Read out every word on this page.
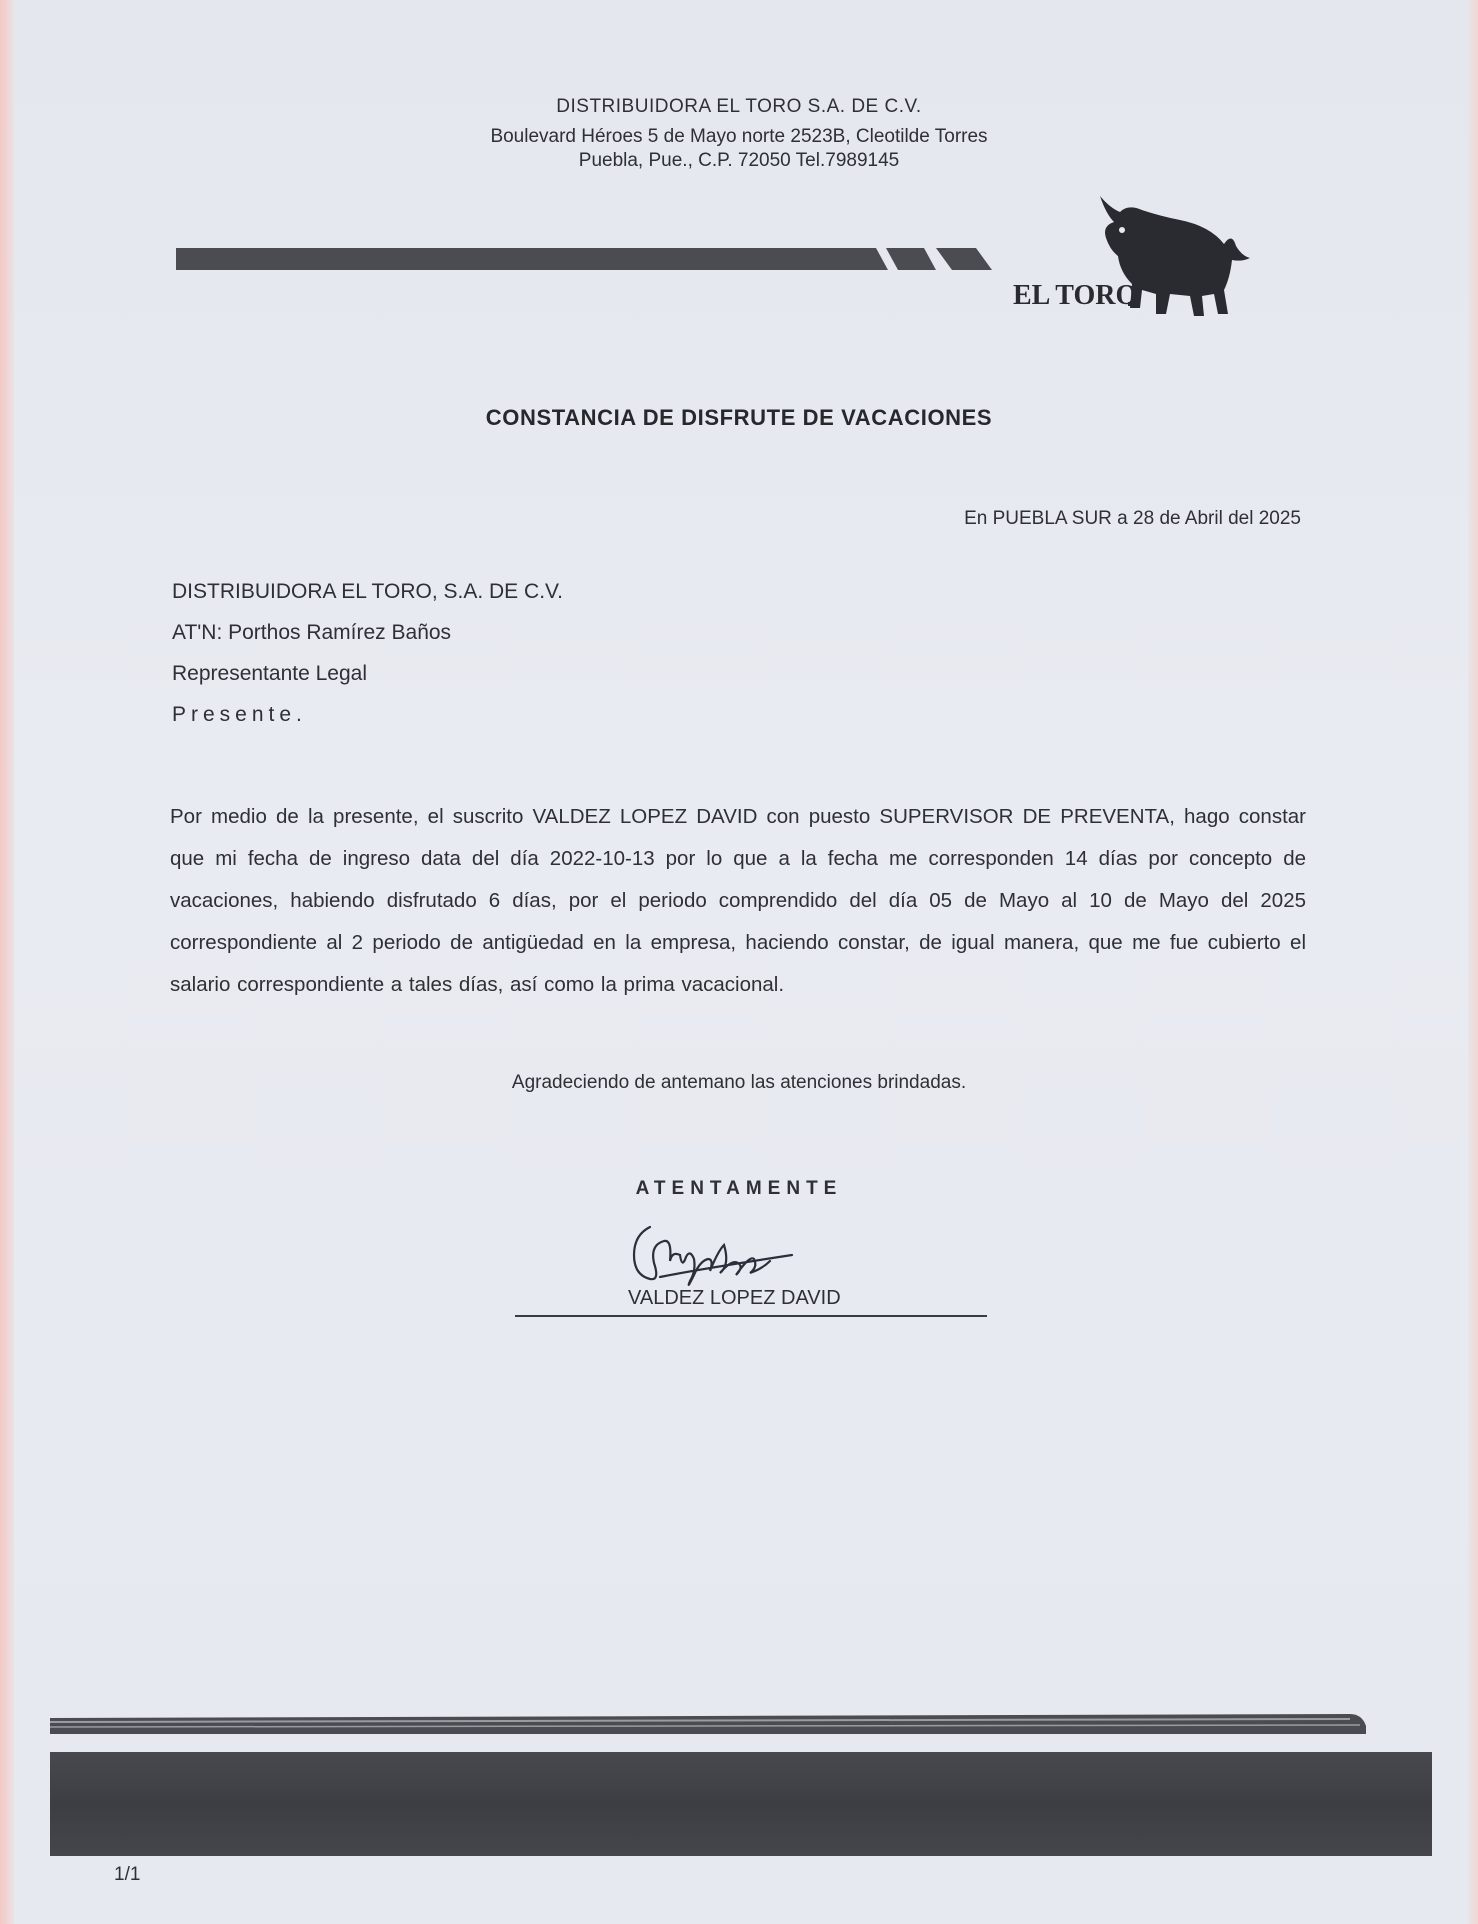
DISTRIBUIDORA EL TORO S.A. DE C.V.
Boulevard Héroes 5 de Mayo norte 2523B, Cleotilde Torres
Puebla, Pue., C.P. 72050 Tel.7989145
EL TORO
CONSTANCIA DE DISFRUTE DE VACACIONES
En PUEBLA SUR a 28 de Abril del 2025
DISTRIBUIDORA EL TORO, S.A. DE C.V.
AT'N: Porthos Ramírez Baños
Representante Legal
Presente.
Por medio de la presente, el suscrito VALDEZ LOPEZ DAVID con puesto SUPERVISOR DE PREVENTA, hago constar que mi fecha de ingreso data del día 2022-10-13 por lo que a la fecha me corresponden 14 días por concepto de vacaciones, habiendo disfrutado 6 días, por el periodo comprendido del día 05 de Mayo al 10 de Mayo del 2025 correspondiente al 2 periodo de antigüedad en la empresa, haciendo constar, de igual manera, que me fue cubierto el salario correspondiente a tales días, así como la prima vacacional.
Agradeciendo de antemano las atenciones brindadas.
ATENTAMENTE
VALDEZ LOPEZ DAVID
1/1
